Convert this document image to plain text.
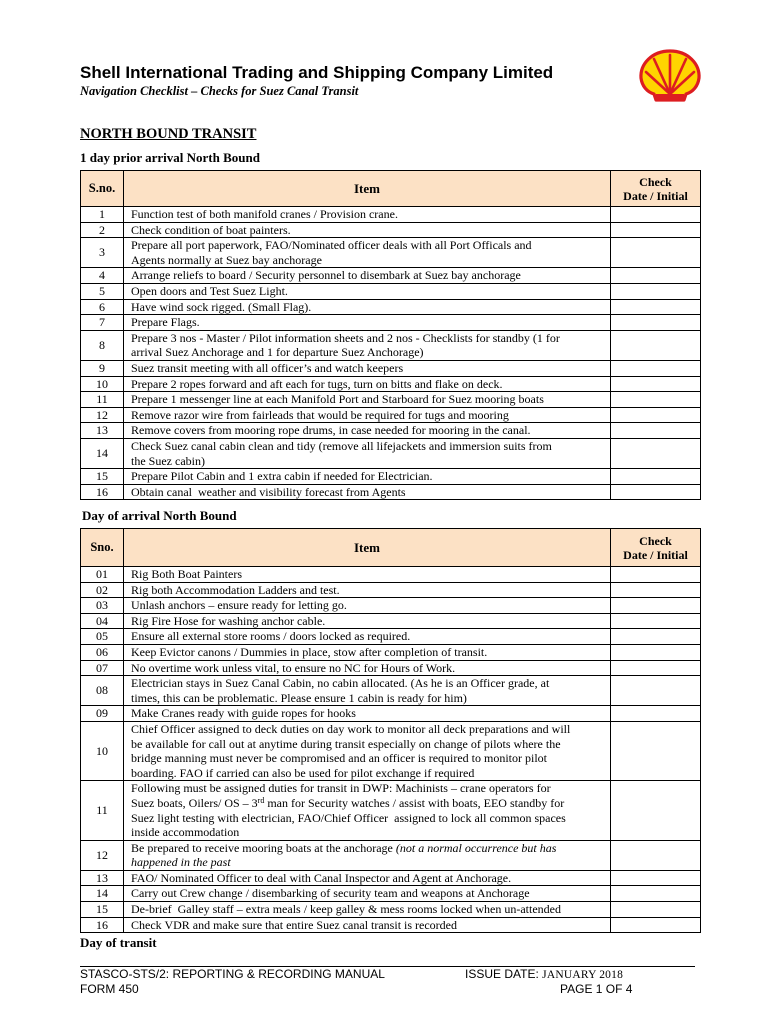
Shell International Trading and Shipping Company Limited
Navigation Checklist – Checks for Suez Canal Transit
NORTH BOUND TRANSIT
1 day prior arrival North Bound
S.no.	Item	Check
Date / Initial

1	Function test of both manifold cranes / Provision crane.	

2	Check condition of boat painters.	

3	Prepare all port paperwork, FAO/Nominated officer deals with all Port Officals and
Agents normally at Suez bay anchorage	

4	Arrange reliefs to board / Security personnel to disembark at Suez bay anchorage	

5	Open doors and Test Suez Light.	

6	Have wind sock rigged. (Small Flag).	

7	Prepare Flags.	

8	Prepare 3 nos - Master / Pilot information sheets and 2 nos - Checklists for standby (1 for
arrival Suez Anchorage and 1 for departure Suez Anchorage)	

9	Suez transit meeting with all officer’s and watch keepers	

10	Prepare 2 ropes forward and aft each for tugs, turn on bitts and flake on deck.	

11	Prepare 1 messenger line at each Manifold Port and Starboard for Suez mooring boats	

12	Remove razor wire from fairleads that would be required for tugs and mooring	

13	Remove covers from mooring rope drums, in case needed for mooring in the canal.	

14	Check Suez canal cabin clean and tidy (remove all lifejackets and immersion suits from
the Suez cabin)	

15	Prepare Pilot Cabin and 1 extra cabin if needed for Electrician.	

16	Obtain canal  weather and visibility forecast from Agents	

Day of arrival North Bound
Sno.	Item	Check
Date / Initial

01	Rig Both Boat Painters	

02	Rig both Accommodation Ladders and test.	

03	Unlash anchors – ensure ready for letting go.	

04	Rig Fire Hose for washing anchor cable.	

05	Ensure all external store rooms / doors locked as required.	

06	Keep Evictor canons / Dummies in place, stow after completion of transit.	

07	No overtime work unless vital, to ensure no NC for Hours of Work.	

08	Electrician stays in Suez Canal Cabin, no cabin allocated. (As he is an Officer grade, at
times, this can be problematic. Please ensure 1 cabin is ready for him)	

09	Make Cranes ready with guide ropes for hooks	

10	Chief Officer assigned to deck duties on day work to monitor all deck preparations and will
be available for call out at anytime during transit especially on change of pilots where the
bridge manning must never be compromised and an officer is required to monitor pilot
boarding. FAO if carried can also be used for pilot exchange if required	

11	Following must be assigned duties for transit in DWP: Machinists – crane operators for
Suez boats, Oilers/ OS – 3rd man for Security watches / assist with boats, EEO standby for
Suez light testing with electrician, FAO/Chief Officer  assigned to lock all common spaces
inside accommodation	

12	Be prepared to receive mooring boats at the anchorage (not a normal occurrence but has
happened in the past	

13	FAO/ Nominated Officer to deal with Canal Inspector and Agent at Anchorage.	

14	Carry out Crew change / disembarking of security team and weapons at Anchorage	

15	De-brief  Galley staff – extra meals / keep galley & mess rooms locked when un-attended	

16	Check VDR and make sure that entire Suez canal transit is recorded	

Day of transit
STASCO-STS/2: REPORTING & RECORDING MANUAL	ISSUE DATE: JANUARY 2018
FORM 450	PAGE 1 OF 4
